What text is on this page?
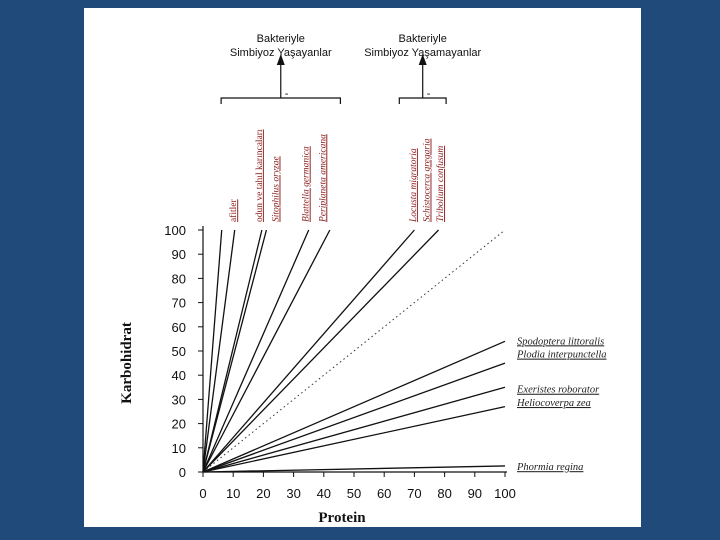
0
10
20
30
40
50
60
70
80
90
100
0 10 20 30 40 50 60 70 80 90 100
Spodoptera littoralis
Plodia interpunctella
Exeristes roborator
Heliocoverpa zea
Phormia regina
afitler odun ve tahıl karıncaları Sitophilus oryzae Blattella germanica Periplaneta americana	Locusta migratoria Schistocerca gregaria Tribolium confusum
-
Bakteriyle
Simbiyoz Yaşayanlar
-
Bakteriyle
Simbiyoz Yaşamayanlar
Protein
Karbohidrat
